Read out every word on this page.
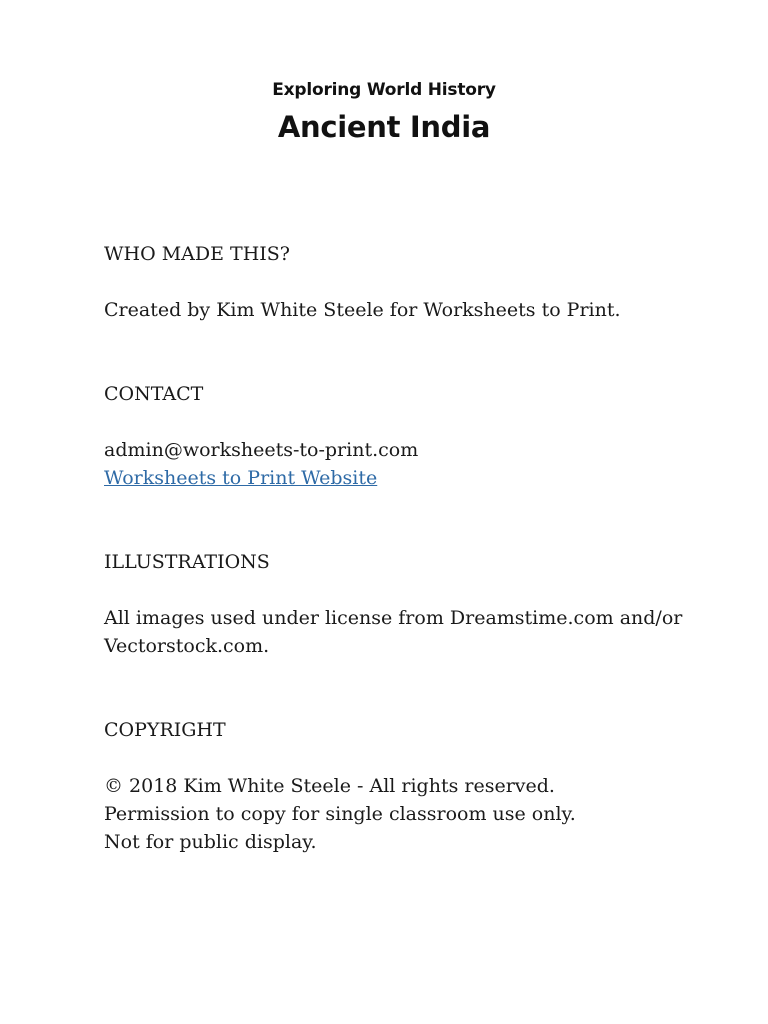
Exploring World History
Ancient India

WHO MADE THIS?

Created by Kim White Steele for Worksheets to Print.

CONTACT

admin@worksheets-to-print.com
Worksheets to Print Website

ILLUSTRATIONS

All images used under license from Dreamstime.com and/or
Vectorstock.com.

COPYRIGHT

© 2018 Kim White Steele - All rights reserved.
Permission to copy for single classroom use only.
Not for public display.
